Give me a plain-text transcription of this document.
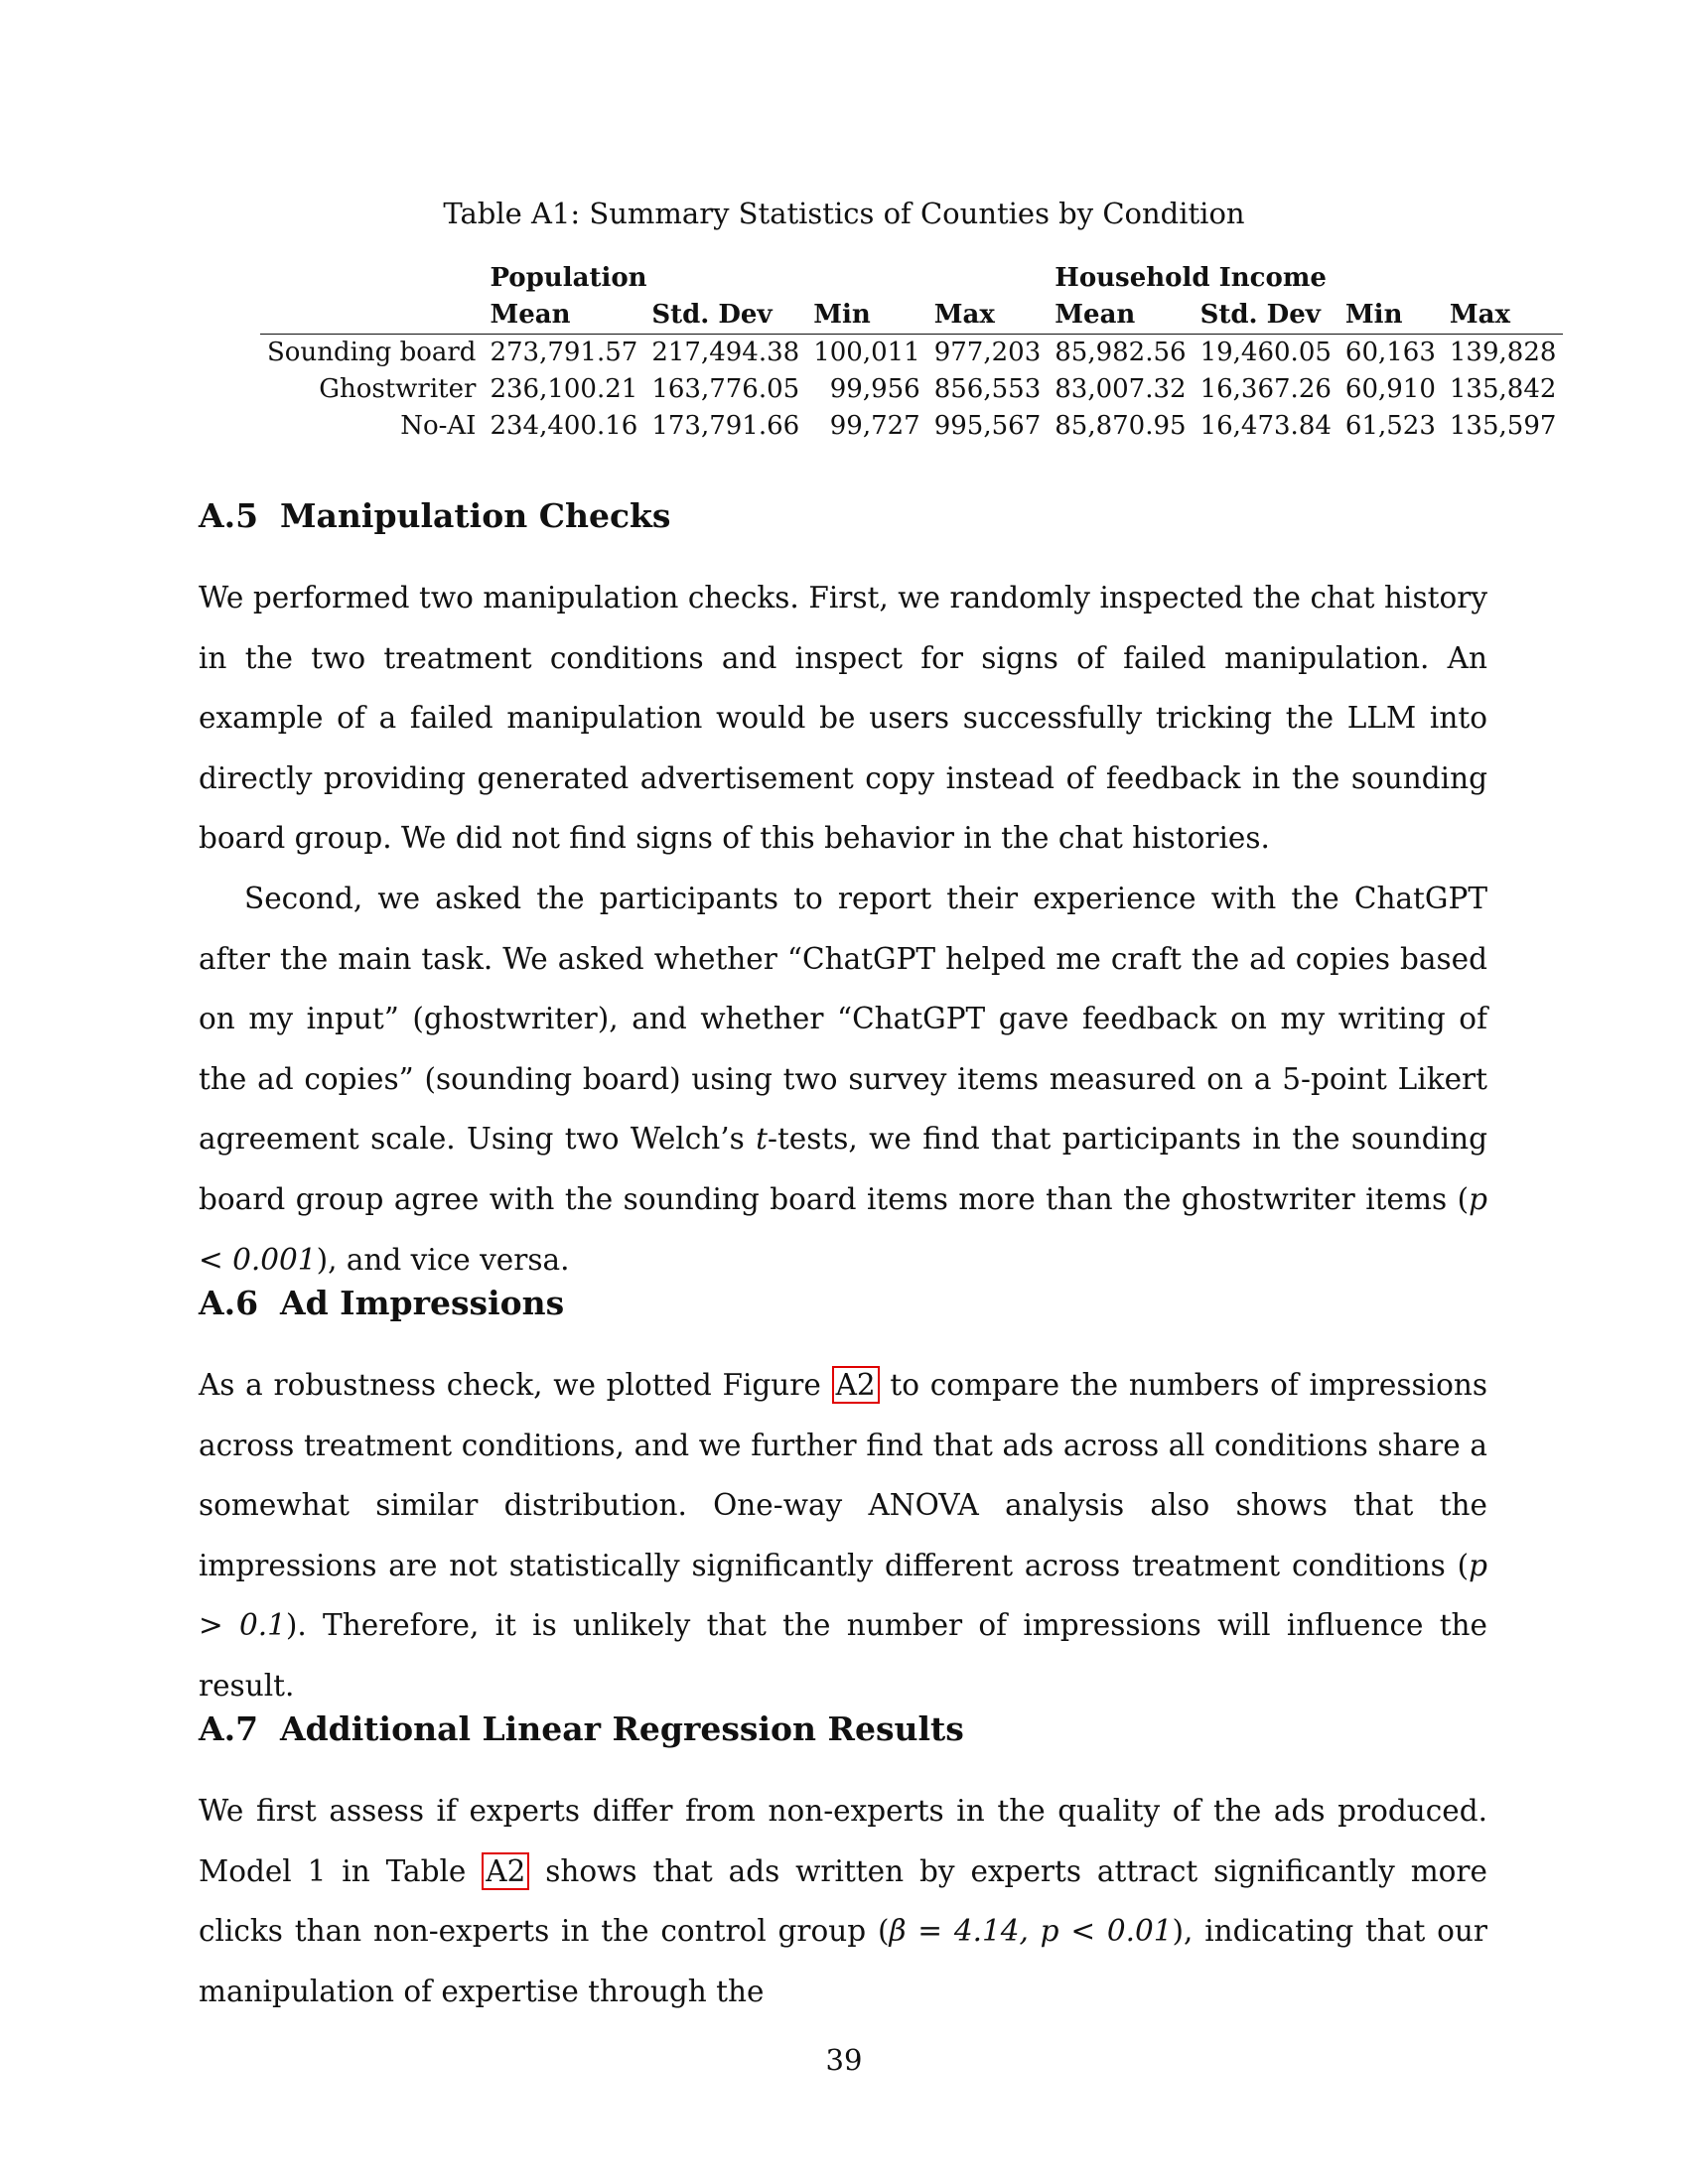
Table A1: Summary Statistics of Counties by Condition
	Population				Household Income			
	Mean	Std. Dev	Min	Max	Mean	Std. Dev	Min	Max
Sounding board	273,791.57	217,494.38	100,011	977,203	85,982.56	19,460.05	60,163	139,828
Ghostwriter	236,100.21	163,776.05	99,956	856,553	83,007.32	16,367.26	60,910	135,842
No-AI	234,400.16	173,791.66	99,727	995,567	85,870.95	16,473.84	61,523	135,597
A.5 Manipulation Checks

We performed two manipulation checks. First, we randomly inspected the chat history in the two treatment conditions and inspect for signs of failed manipulation. An example of a failed manipulation would be users successfully tricking the LLM into directly providing generated advertisement copy instead of feedback in the sounding board group. We did not find signs of this behavior in the chat histories.

Second, we asked the participants to report their experience with the ChatGPT after the main task. We asked whether “ChatGPT helped me craft the ad copies based on my input” (ghostwriter), and whether “ChatGPT gave feedback on my writing of the ad copies” (sounding board) using two survey items measured on a 5-point Likert agreement scale. Using two Welch’s t-tests, we find that participants in the sounding board group agree with the sounding board items more than the ghostwriter items (p < 0.001), and vice versa.

A.6 Ad Impressions

As a robustness check, we plotted Figure A2 to compare the numbers of impressions across treatment conditions, and we further find that ads across all conditions share a somewhat similar distribution. One-way ANOVA analysis also shows that the impressions are not statistically significantly different across treatment conditions (p > 0.1). Therefore, it is unlikely that the number of impressions will influence the result.

A.7 Additional Linear Regression Results

We first assess if experts differ from non-experts in the quality of the ads produced. Model 1 in Table A2 shows that ads written by experts attract significantly more clicks than non-experts in the control group (β = 4.14, p < 0.01), indicating that our manipulation of expertise through the

39
